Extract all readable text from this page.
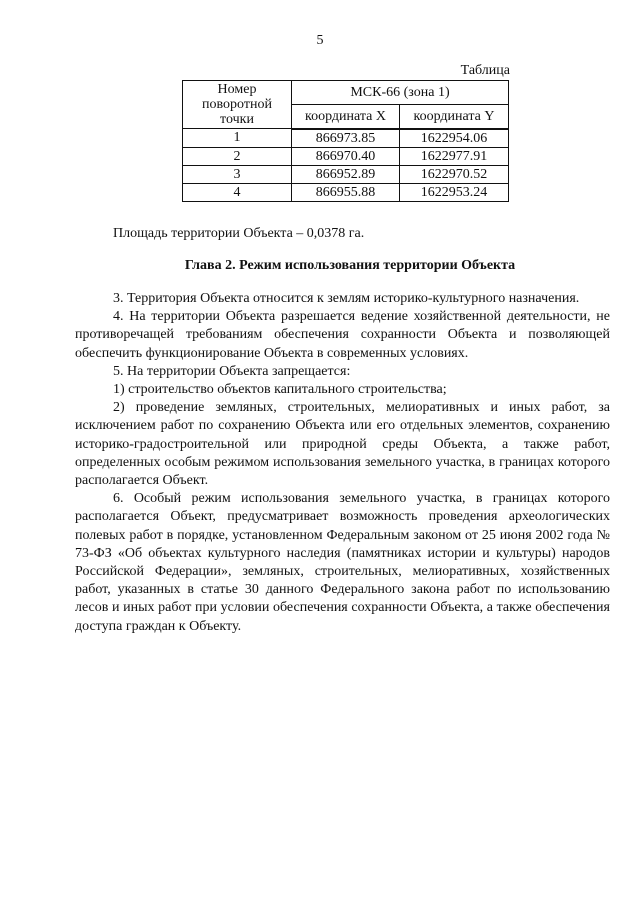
5
Таблица
Номер поворотной точки	МСК-66 (зона 1)	
	координата X	координата Y
1	866973.85	1622954.06
2	866970.40	1622977.91
3	866952.89	1622970.52
4	866955.88	1622953.24
Площадь территории Объекта – 0,0378 га.
Глава 2. Режим использования территории Объекта

3. Территория Объекта относится к землям историко-культурного назначения.

4. На территории Объекта разрешается ведение хозяйственной деятельности, не противоречащей требованиям обеспечения сохранности Объекта и позволяющей обеспечить функционирование Объекта в современных условиях.

5. На территории Объекта запрещается:

1) строительство объектов капитального строительства;

2) проведение земляных, строительных, мелиоративных и иных работ, за исключением работ по сохранению Объекта или его отдельных элементов, сохранению историко-градостроительной или природной среды Объекта, а также работ, определенных особым режимом использования земельного участка, в границах которого располагается Объект.

6. Особый режим использования земельного участка, в границах которого располагается Объект, предусматривает возможность проведения археологических полевых работ в порядке, установленном Федеральным законом от 25 июня 2002 года № 73-ФЗ «Об объектах культурного наследия (памятниках истории и культуры) народов Российской Федерации», земляных, строительных, мелиоративных, хозяйственных работ, указанных в статье 30 данного Федерального закона работ по использованию лесов и иных работ при условии обеспечения сохранности Объекта, а также обеспечения доступа граждан к Объекту.
